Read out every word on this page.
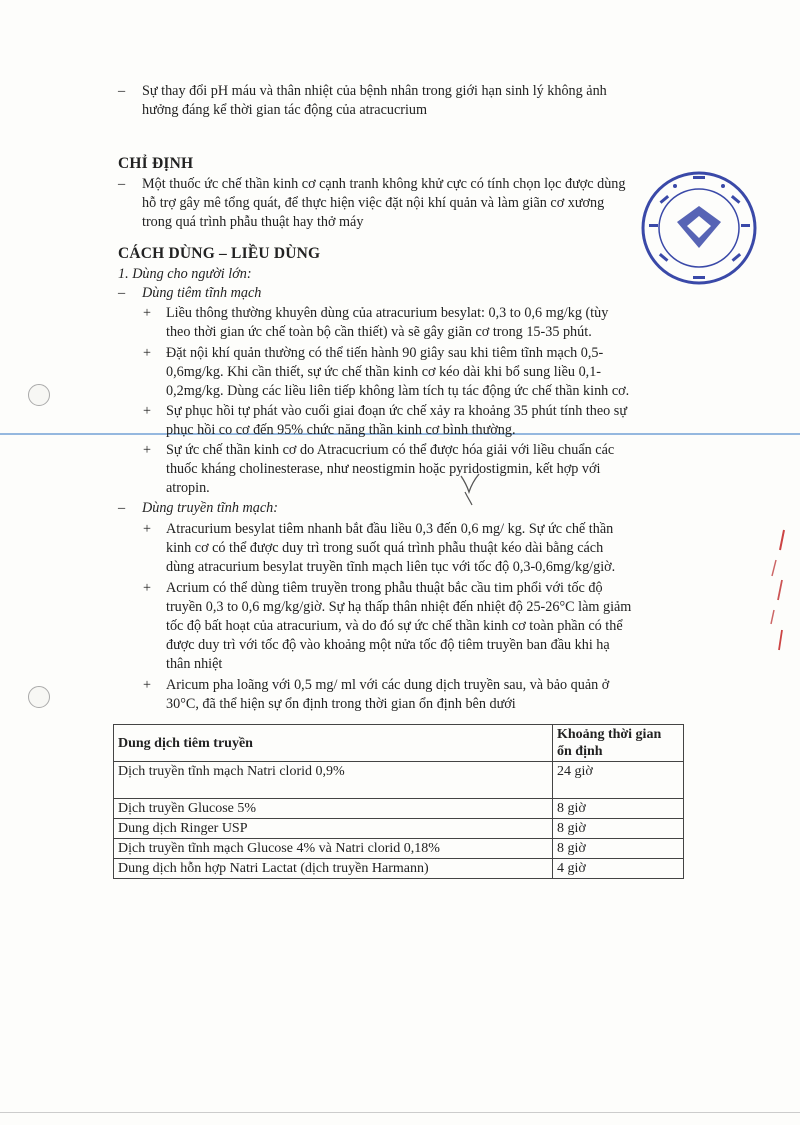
–	Sự thay đổi pH máu và thân nhiệt của bệnh nhân trong giới hạn sinh lý không ảnh
hưởng đáng kể thời gian tác động của atracucrium
CHỈ ĐỊNH
–	Một thuốc ức chế thần kinh cơ cạnh tranh không khử cực có tính chọn lọc được dùng
hỗ trợ gây mê tổng quát, để thực hiện việc đặt nội khí quản và làm giãn cơ xương
trong quá trình phẫu thuật hay thở máy
CÁCH DÙNG – LIỀU DÙNG
1. Dùng cho người lớn:
–	Dùng tiêm tĩnh mạch
+	Liều thông thường khuyên dùng của atracurium besylat: 0,3 to 0,6 mg/kg (tùy
theo thời gian ức chế toàn bộ cần thiết) và sẽ gây giãn cơ trong 15-35 phút.
+	Đặt nội khí quản thường có thể tiến hành 90 giây sau khi tiêm tĩnh mạch 0,5-
0,6mg/kg. Khi cần thiết, sự ức chế thần kinh cơ kéo dài khi bổ sung liều 0,1-
0,2mg/kg. Dùng các liều liên tiếp không làm tích tụ tác động ức chế thần kinh cơ.
+	Sự phục hồi tự phát vào cuối giai đoạn ức chế xảy ra khoảng 35 phút tính theo sự
phục hồi co cơ đến 95% chức năng thần kinh cơ bình thường.
+	Sự ức chế thần kinh cơ do Atracucrium có thể được hóa giải với liều chuẩn các
thuốc kháng cholinesterase, như neostigmin hoặc pyridostigmin, kết hợp với
atropin.
–	Dùng truyền tĩnh mạch:
+	Atracurium besylat tiêm nhanh bắt đầu liều 0,3 đến 0,6 mg/ kg. Sự ức chế thần
kinh cơ có thể được duy trì trong suốt quá trình phẫu thuật kéo dài bằng cách
dùng atracurium besylat truyền tĩnh mạch liên tục với tốc độ 0,3-0,6mg/kg/giờ.
+	Acrium có thể dùng tiêm truyền trong phẫu thuật bắc cầu tim phổi với tốc độ
truyền 0,3 to 0,6 mg/kg/giờ. Sự hạ thấp thân nhiệt đến nhiệt độ 25-26°C làm giảm
tốc độ bất hoạt của atracurium, và do đó sự ức chế thần kinh cơ toàn phần có thể
được duy trì với tốc độ vào khoảng một nửa tốc độ tiêm truyền ban đầu khi hạ
thân nhiệt
+	Aricum pha loãng với 0,5 mg/ ml với các dung dịch truyền sau, và bảo quản ở
30°C, đã thể hiện sự ổn định trong thời gian ổn định bên dưới
Dung dịch tiêm truyền	Khoảng thời gian ổn định
Dịch truyền tĩnh mạch Natri clorid 0,9%	24 giờ
Dịch truyền Glucose 5%	8 giờ
Dung dịch Ringer USP	8 giờ
Dịch truyền tĩnh mạch Glucose 4% và Natri clorid 0,18%	8 giờ
Dung dịch hỗn hợp Natri Lactat (dịch truyền Harmann)	4 giờ
